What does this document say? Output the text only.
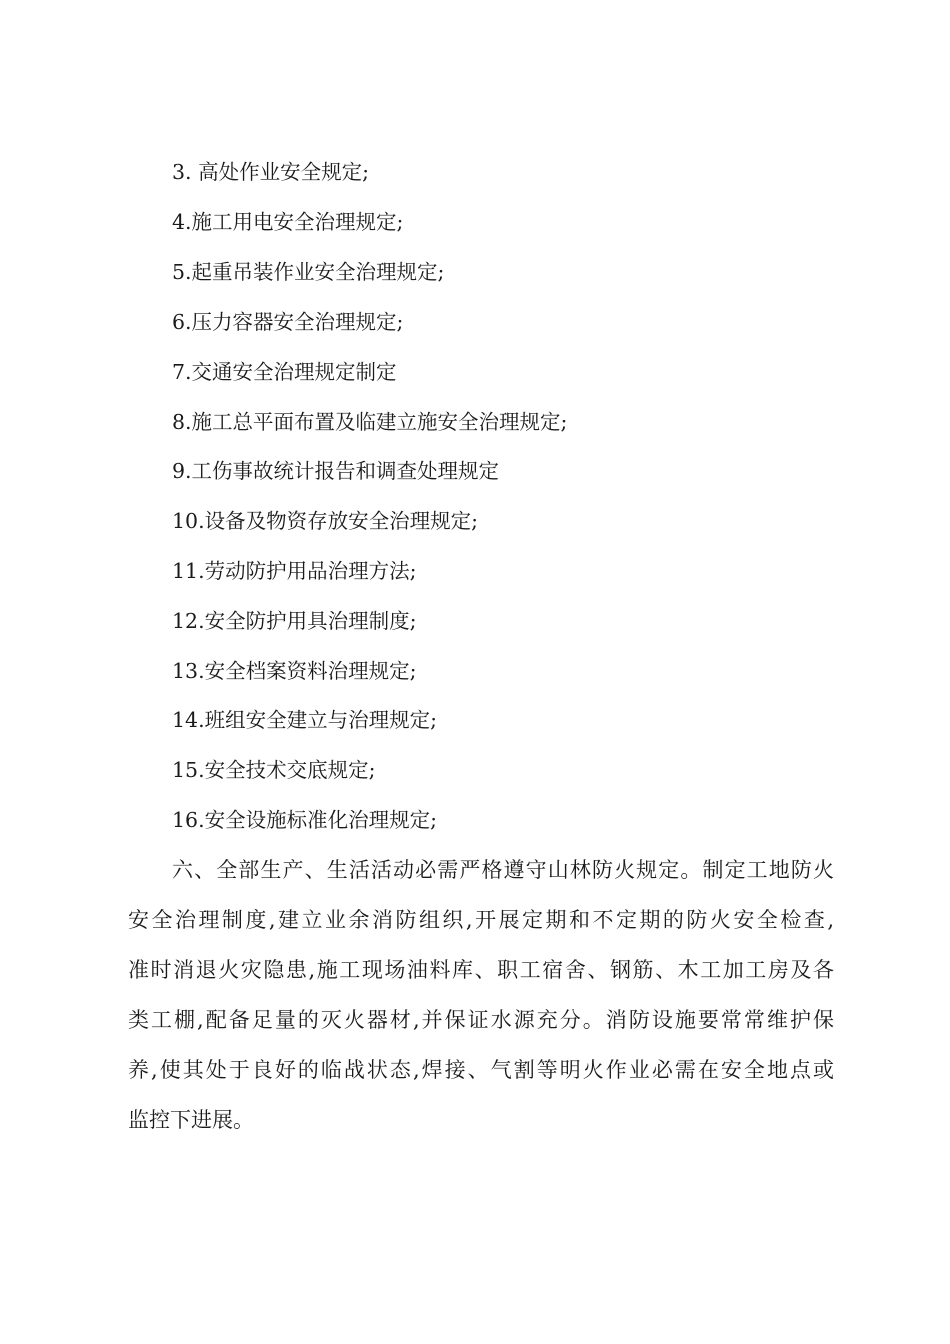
3. 高处作业安全规定;
4.施工用电安全治理规定;
5.起重吊装作业安全治理规定;
6.压力容器安全治理规定;
7.交通安全治理规定制定
8.施工总平面布置及临建立施安全治理规定;
9.工伤事故统计报告和调查处理规定
10.设备及物资存放安全治理规定;
11.劳动防护用品治理方法;
12.安全防护用具治理制度;
13.安全档案资料治理规定;
14.班组安全建立与治理规定;
15.安全技术交底规定;
16.安全设施标准化治理规定;
六、全部生产、生活活动必需严格遵守山林防火规定。制定工地防火
安全治理制度,建立业余消防组织,开展定期和不定期的防火安全检查,
准时消退火灾隐患,施工现场油料库、职工宿舍、钢筋、木工加工房及各
类工棚,配备足量的灭火器材,并保证水源充分。消防设施要常常维护保
养,使其处于良好的临战状态,焊接、气割等明火作业必需在安全地点或
监控下进展。
